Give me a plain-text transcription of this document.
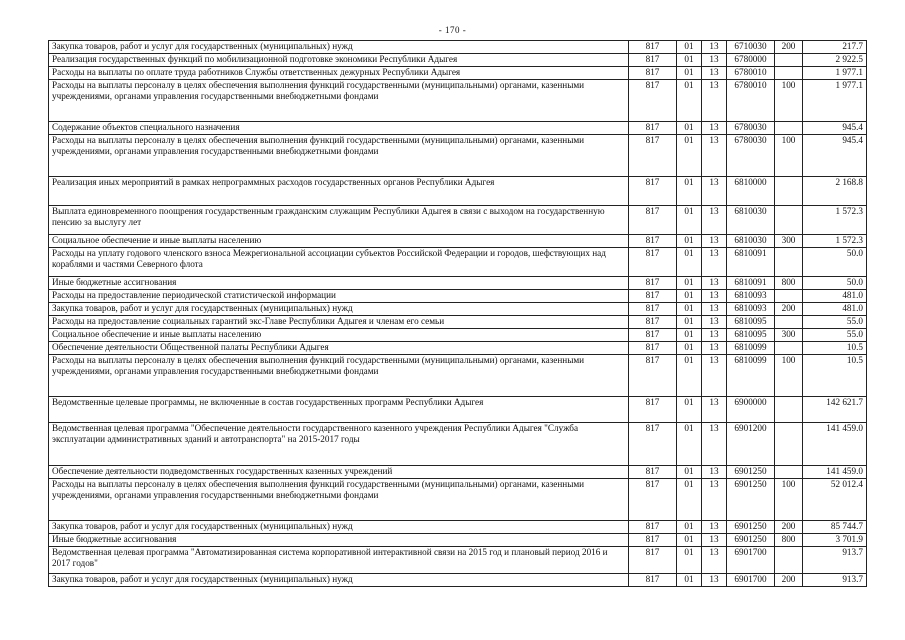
- 170 -
Закупка товаров, работ и услуг для государственных (муниципальных) нужд	817	01	13	6710030	200	217.7
Реализация государственных функций по мобилизационной подготовке экономики Республики Адыгея	817	01	13	6780000		2 922.5
Расходы на выплаты по оплате труда работников Службы ответственных дежурных Республики Адыгея	817	01	13	6780010		1 977.1
Расходы на выплаты персоналу в целях обеспечения выполнения функций государственными (муниципальными) органами, казенными учреждениями, органами управления государственными внебюджетными фондами	817	01	13	6780010	100	1 977.1
Содержание объектов специального назначения	817	01	13	6780030		945.4
Расходы на выплаты персоналу в целях обеспечения выполнения функций государственными (муниципальными) органами, казенными учреждениями, органами управления государственными внебюджетными фондами	817	01	13	6780030	100	945.4
Реализация иных мероприятий в рамках непрограммных расходов государственных органов Республики Адыгея	817	01	13	6810000		2 168.8
Выплата единовременного поощрения государственным гражданским служащим Республики Адыгея в связи с выходом на государственную пенсию за выслугу лет	817	01	13	6810030		1 572.3
Социальное обеспечение и иные выплаты населению	817	01	13	6810030	300	1 572.3
Расходы на уплату годового членского взноса Межрегиональной ассоциации субъектов Российской Федерации и городов, шефствующих над кораблями и частями Северного флота	817	01	13	6810091		50.0
Иные бюджетные ассигнования	817	01	13	6810091	800	50.0
Расходы на предоставление периодической статистической информации	817	01	13	6810093		481.0
Закупка товаров, работ и услуг для государственных (муниципальных) нужд	817	01	13	6810093	200	481.0
Расходы на предоставление социальных гарантий экс-Главе Республики Адыгея и членам его семьи	817	01	13	6810095		55.0
Социальное обеспечение и иные выплаты населению	817	01	13	6810095	300	55.0
Обеспечение деятельности Общественной палаты Республики Адыгея	817	01	13	6810099		10.5
Расходы на выплаты персоналу в целях обеспечения выполнения функций государственными (муниципальными) органами, казенными учреждениями, органами управления государственными внебюджетными фондами	817	01	13	6810099	100	10.5
Ведомственные целевые программы, не включенные в состав государственных программ Республики Адыгея	817	01	13	6900000		142 621.7
Ведомственная целевая программа "Обеспечение деятельности государственного казенного учреждения Республики Адыгея "Служба эксплуатации административных зданий и автотранспорта" на 2015-2017 годы	817	01	13	6901200		141 459.0
Обеспечение деятельности подведомственных государственных казенных учреждений	817	01	13	6901250		141 459.0
Расходы на выплаты персоналу в целях обеспечения выполнения функций государственными (муниципальными) органами, казенными учреждениями, органами управления государственными внебюджетными фондами	817	01	13	6901250	100	52 012.4
Закупка товаров, работ и услуг для государственных (муниципальных) нужд	817	01	13	6901250	200	85 744.7
Иные бюджетные ассигнования	817	01	13	6901250	800	3 701.9
Ведомственная целевая программа "Автоматизированная система корпоративной интерактивной связи на 2015 год и плановый период 2016 и 2017 годов"	817	01	13	6901700		913.7
Закупка товаров, работ и услуг для государственных (муниципальных) нужд	817	01	13	6901700	200	913.7
